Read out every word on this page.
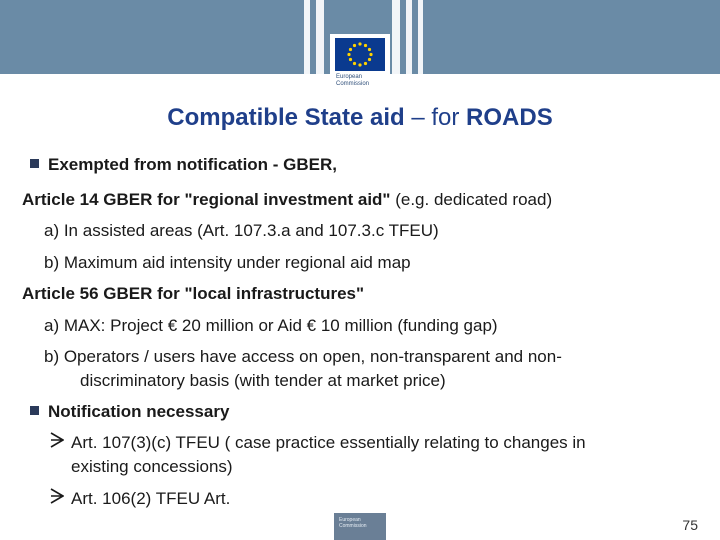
European
Commission
Compatible State aid – for ROADS
Exempted from notification - GBER,
Article 14 GBER for "regional investment aid" (e.g. dedicated road)
a) In assisted areas (Art. 107.3.a and 107.3.c TFEU)
b) Maximum aid intensity under regional aid map
Article 56 GBER for "local infrastructures"
a) MAX: Project € 20 million or Aid € 10 million (funding gap)
b) Operators / users have access on open, non-transparent and non-
discriminatory basis (with tender at market price)
Notification necessary
Art. 107(3)(c) TFEU ( case practice essentially relating to changes in
existing concessions)
Art. 106(2) TFEU Art.
European Commission	75
